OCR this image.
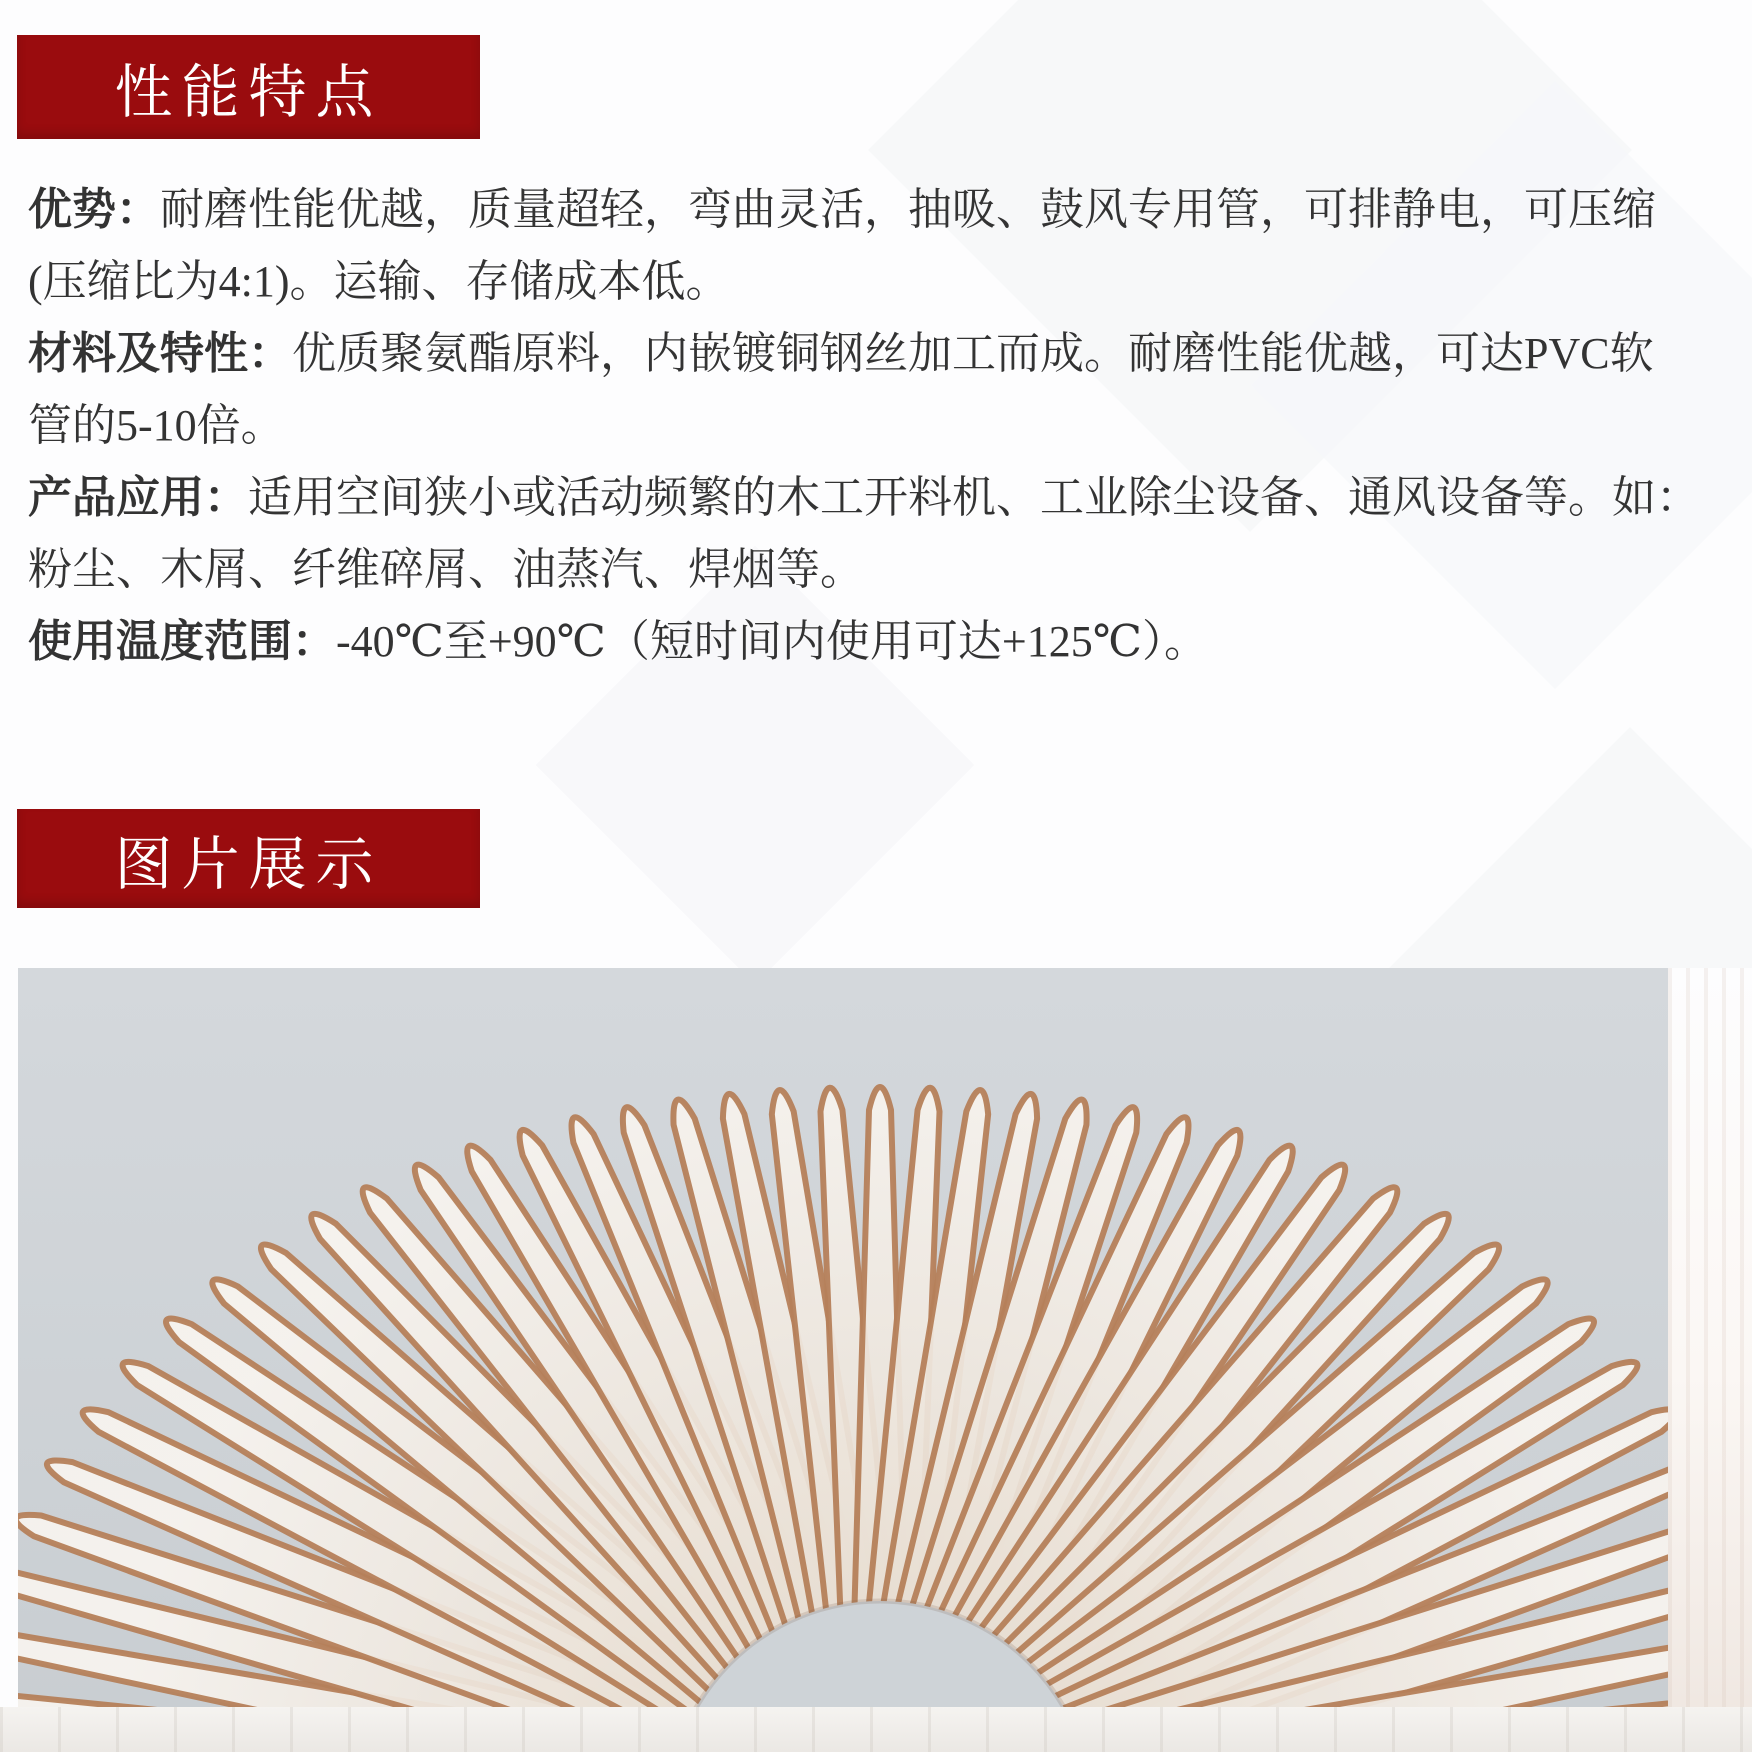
性能特点
优势：耐磨性能优越，质量超轻，弯曲灵活，抽吸、鼓风专用管，可排静电，可压缩
(压缩比为4:1)。运输、存储成本低。
材料及特性：优质聚氨酯原料，内嵌镀铜钢丝加工而成。耐磨性能优越，可达PVC软
管的5-10倍。
产品应用：适用空间狭小或活动频繁的木工开料机、工业除尘设备、通风设备等。如：
粉尘、木屑、纤维碎屑、油蒸汽、焊烟等。
使用温度范围：-40℃至+90℃（短时间内使用可达+125℃）。
图片展示
